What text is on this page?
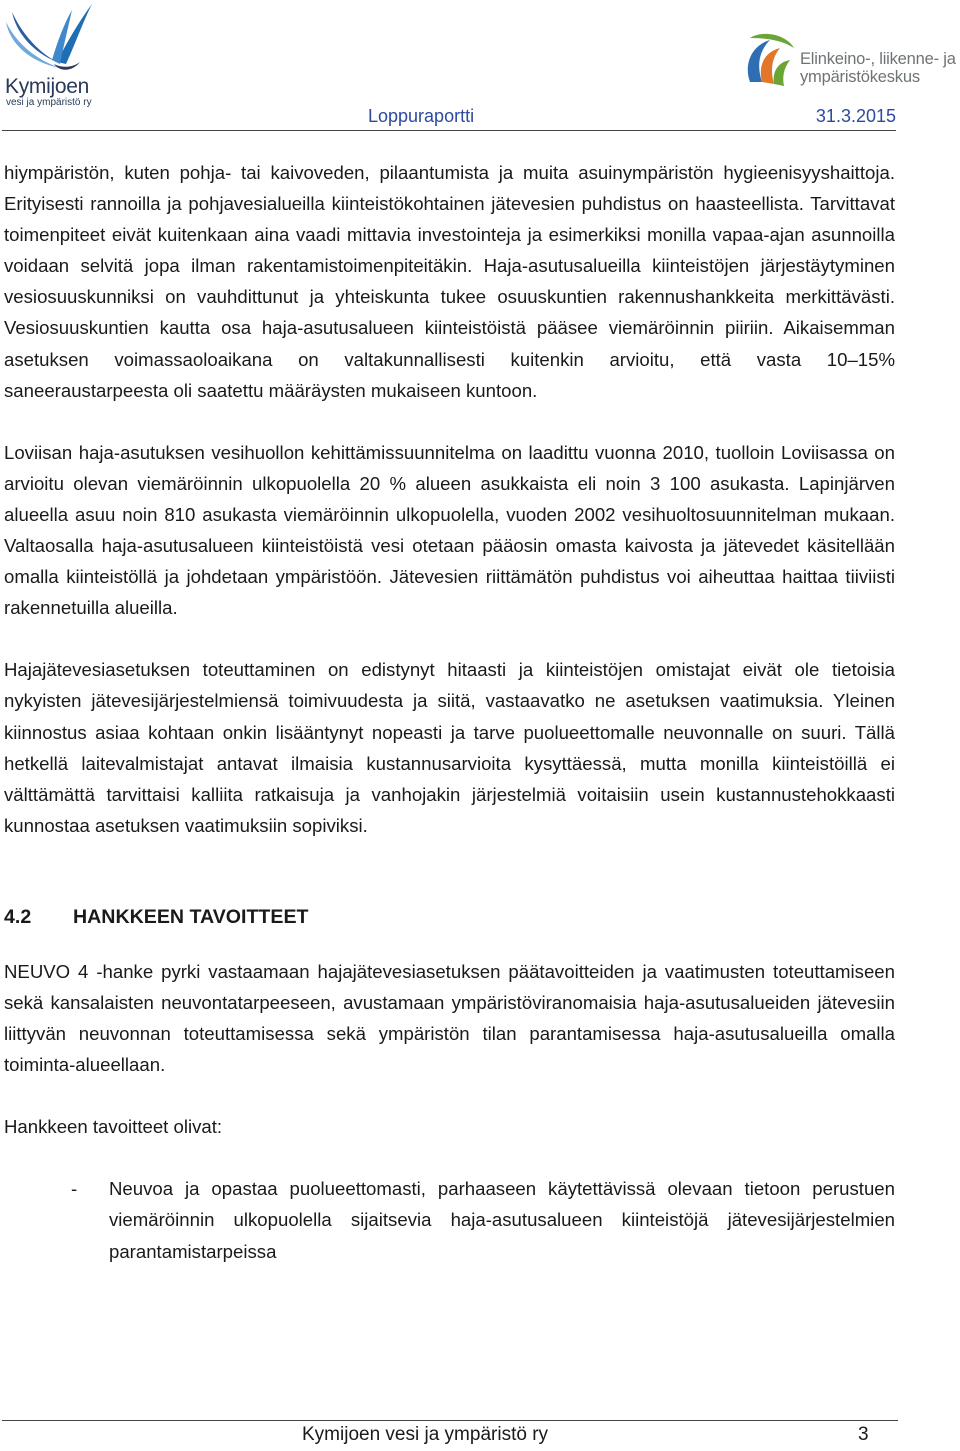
Kymijoen
vesi ja ympäristö ry
Elinkeino-, liikenne- ja
ympäristökeskus
Loppuraportti	31.3.2015

hiympäristön, kuten pohja- tai kaivoveden, pilaantumista ja muita asuinympäristön hygieenisyyshaittoja. Erityisesti rannoilla ja pohjavesialueilla kiinteistökohtainen jätevesien puhdistus on haasteellista. Tarvittavat toimenpiteet eivät kuitenkaan aina vaadi mittavia investointeja ja esimerkiksi monilla vapaa-ajan asunnoilla voidaan selvitä jopa ilman rakentamistoimenpiteitäkin. Haja-asutusalueilla kiinteistöjen järjestäytyminen vesiosuuskunniksi on vauhdittunut ja yhteiskunta tukee osuuskuntien rakennushankkeita merkittävästi. Vesiosuuskuntien kautta osa haja-asutusalueen kiinteistöistä pääsee viemäröinnin piiriin. Aikaisemman asetuksen voimassaoloaikana on valtakunnallisesti kuitenkin arvioitu, että vasta 10–15% saneeraustarpeesta oli saatettu määräysten mukaiseen kuntoon.

Loviisan haja-asutuksen vesihuollon kehittämissuunnitelma on laadittu vuonna 2010, tuolloin Loviisassa on arvioitu olevan viemäröinnin ulkopuolella 20 % alueen asukkaista eli noin 3 100 asukasta. Lapinjärven alueella asuu noin 810 asukasta viemäröinnin ulkopuolella, vuoden 2002 vesihuoltosuunnitelman mukaan. Valtaosalla haja-asutusalueen kiinteistöistä vesi otetaan pääosin omasta kaivosta ja jätevedet käsitellään omalla kiinteistöllä ja johdetaan ympäristöön. Jätevesien riittämätön puhdistus voi aiheuttaa haittaa tiiviisti rakennetuilla alueilla.

Hajajätevesiasetuksen toteuttaminen on edistynyt hitaasti ja kiinteistöjen omistajat eivät ole tietoisia nykyisten jätevesijärjestelmiensä toimivuudesta ja siitä, vastaavatko ne asetuksen vaatimuksia. Yleinen kiinnostus asiaa kohtaan onkin lisääntynyt nopeasti ja tarve puolueettomalle neuvonnalle on suuri. Tällä hetkellä laitevalmistajat antavat ilmaisia kustannusarvioita kysyttäessä, mutta monilla kiinteistöillä ei välttämättä tarvittaisi kalliita ratkaisuja ja vanhojakin järjestelmiä voitaisiin usein kustannustehokkaasti kunnostaa asetuksen vaatimuksiin sopiviksi.

4.2 HANKKEEN TAVOITTEET

NEUVO 4 -hanke pyrki vastaamaan hajajätevesiasetuksen päätavoitteiden ja vaatimusten toteuttamiseen sekä kansalaisten neuvontatarpeeseen, avustamaan ympäristöviranomaisia haja-asutusalueiden jätevesiin liittyvän neuvonnan toteuttamisessa sekä ympäristön tilan parantamisessa haja-asutusalueilla omalla toiminta-alueellaan.

Hankkeen tavoitteet olivat:

- Neuvoa ja opastaa puolueettomasti, parhaaseen käytettävissä olevaan tietoon perustuen viemäröinnin ulkopuolella sijaitsevia haja-asutusalueen kiinteistöjä jätevesijärjestelmien parantamistarpeissa
Kymijoen vesi ja ympäristö ry	3
